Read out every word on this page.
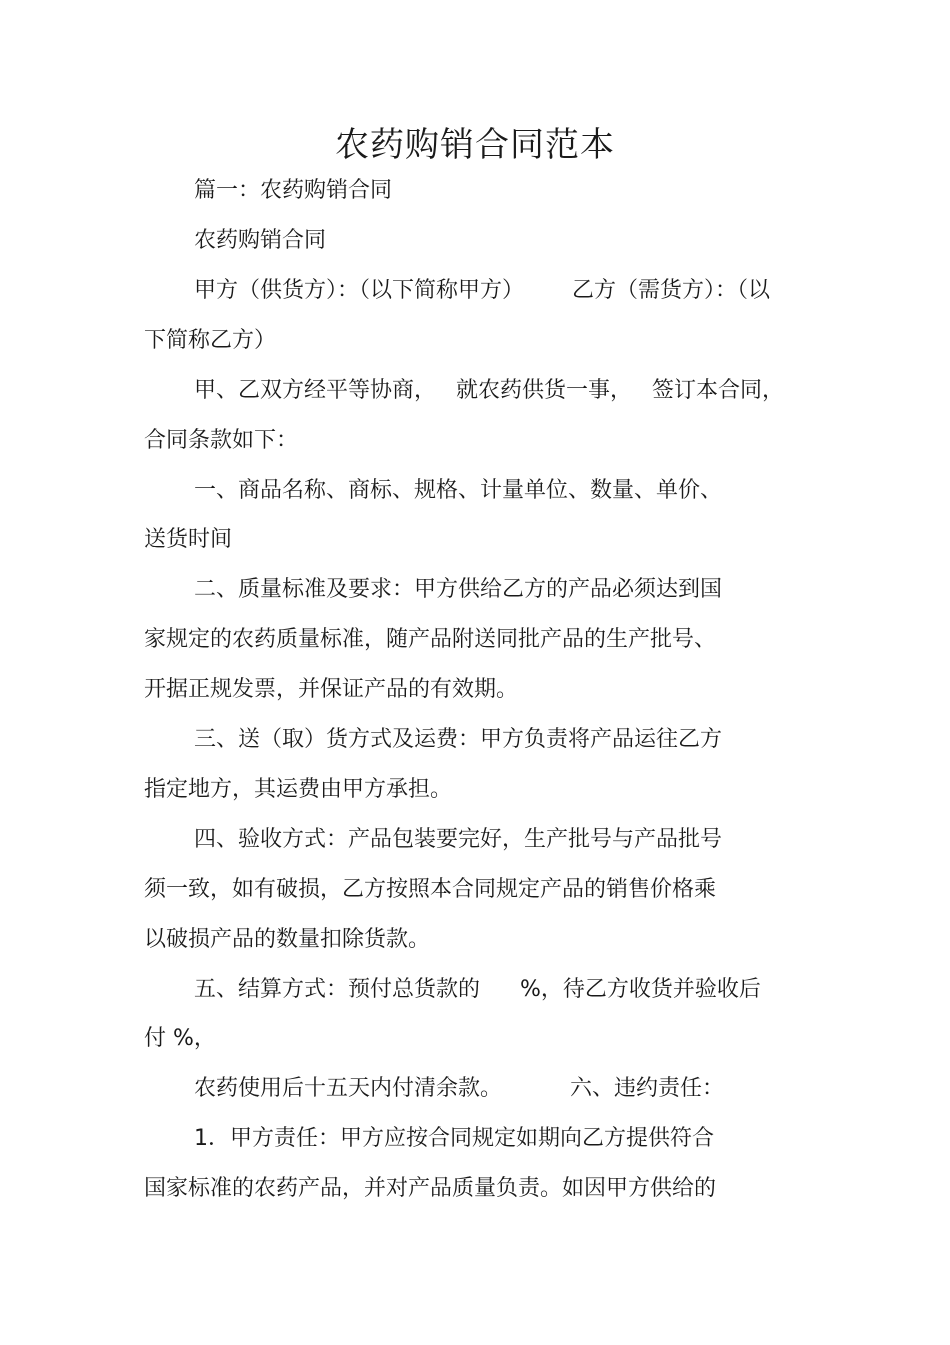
农药购销合同范本
篇一：农药购销合同
农药购销合同
甲方（供货方）：（以下简称甲方） 乙方（需货方）：（以
下简称乙方）
甲、乙双方经平等协商， 就农药供货一事， 签订本合同，
合同条款如下：
一、商品名称、商标、规格、计量单位、数量、单价、
送货时间
二、质量标准及要求：甲方供给乙方的产品必须达到国
家规定的农药质量标准，随产品附送同批产品的生产批号、
开据正规发票，并保证产品的有效期。
三、送（取）货方式及运费：甲方负责将产品运往乙方
指定地方，其运费由甲方承担。
四、验收方式：产品包装要完好，生产批号与产品批号
须一致，如有破损，乙方按照本合同规定产品的销售价格乘
以破损产品的数量扣除货款。
五、结算方式：预付总货款的 %，待乙方收货并验收后
付 %，
农药使用后十五天内付清余款。	六、违约责任：
1．甲方责任：甲方应按合同规定如期向乙方提供符合
国家标准的农药产品，并对产品质量负责。如因甲方供给的
